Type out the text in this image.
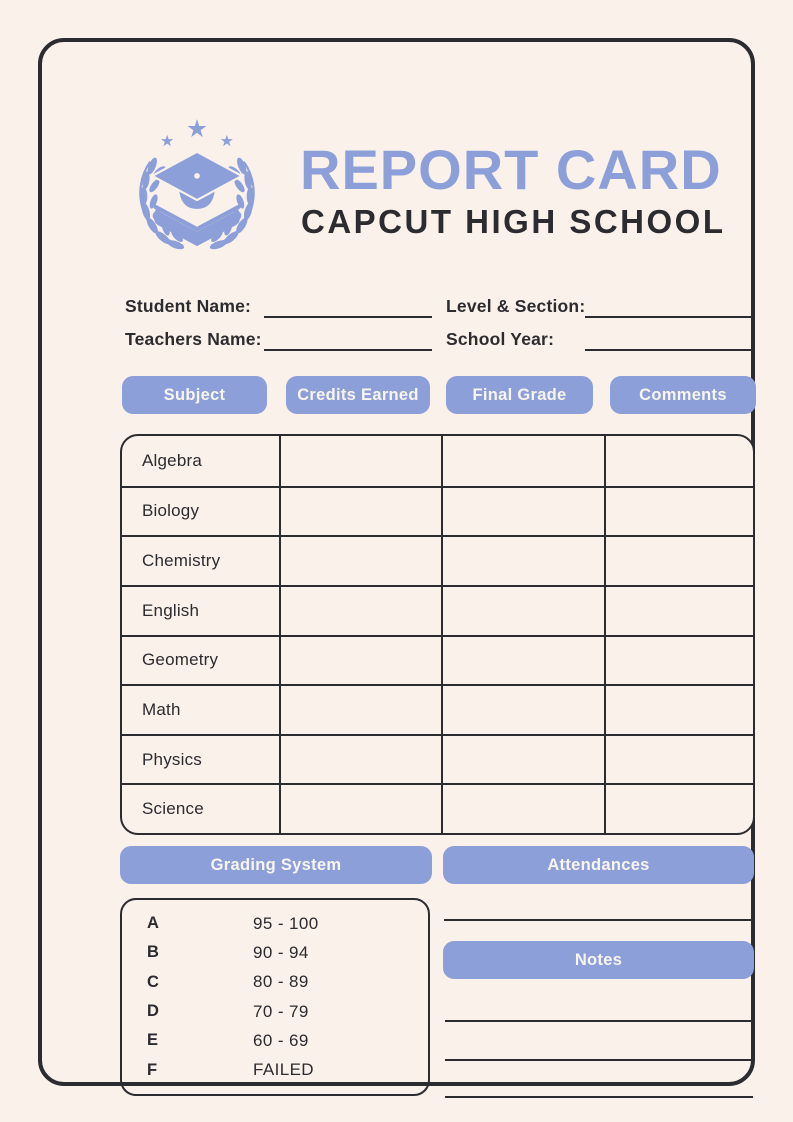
REPORT CARD
CAPCUT HIGH SCHOOL
Student Name:	Level & Section:
Teachers Name:	School Year:
Subject	Credits Earned	Final Grade	Comments
Algebra
Biology
Chemistry
English
Geometry
Math
Physics
Science
Grading System	Attendances
A	95 - 100
B	90 - 94
C	80 - 89
D	70 - 79
E	60 - 69
F	FAILED
Notes
